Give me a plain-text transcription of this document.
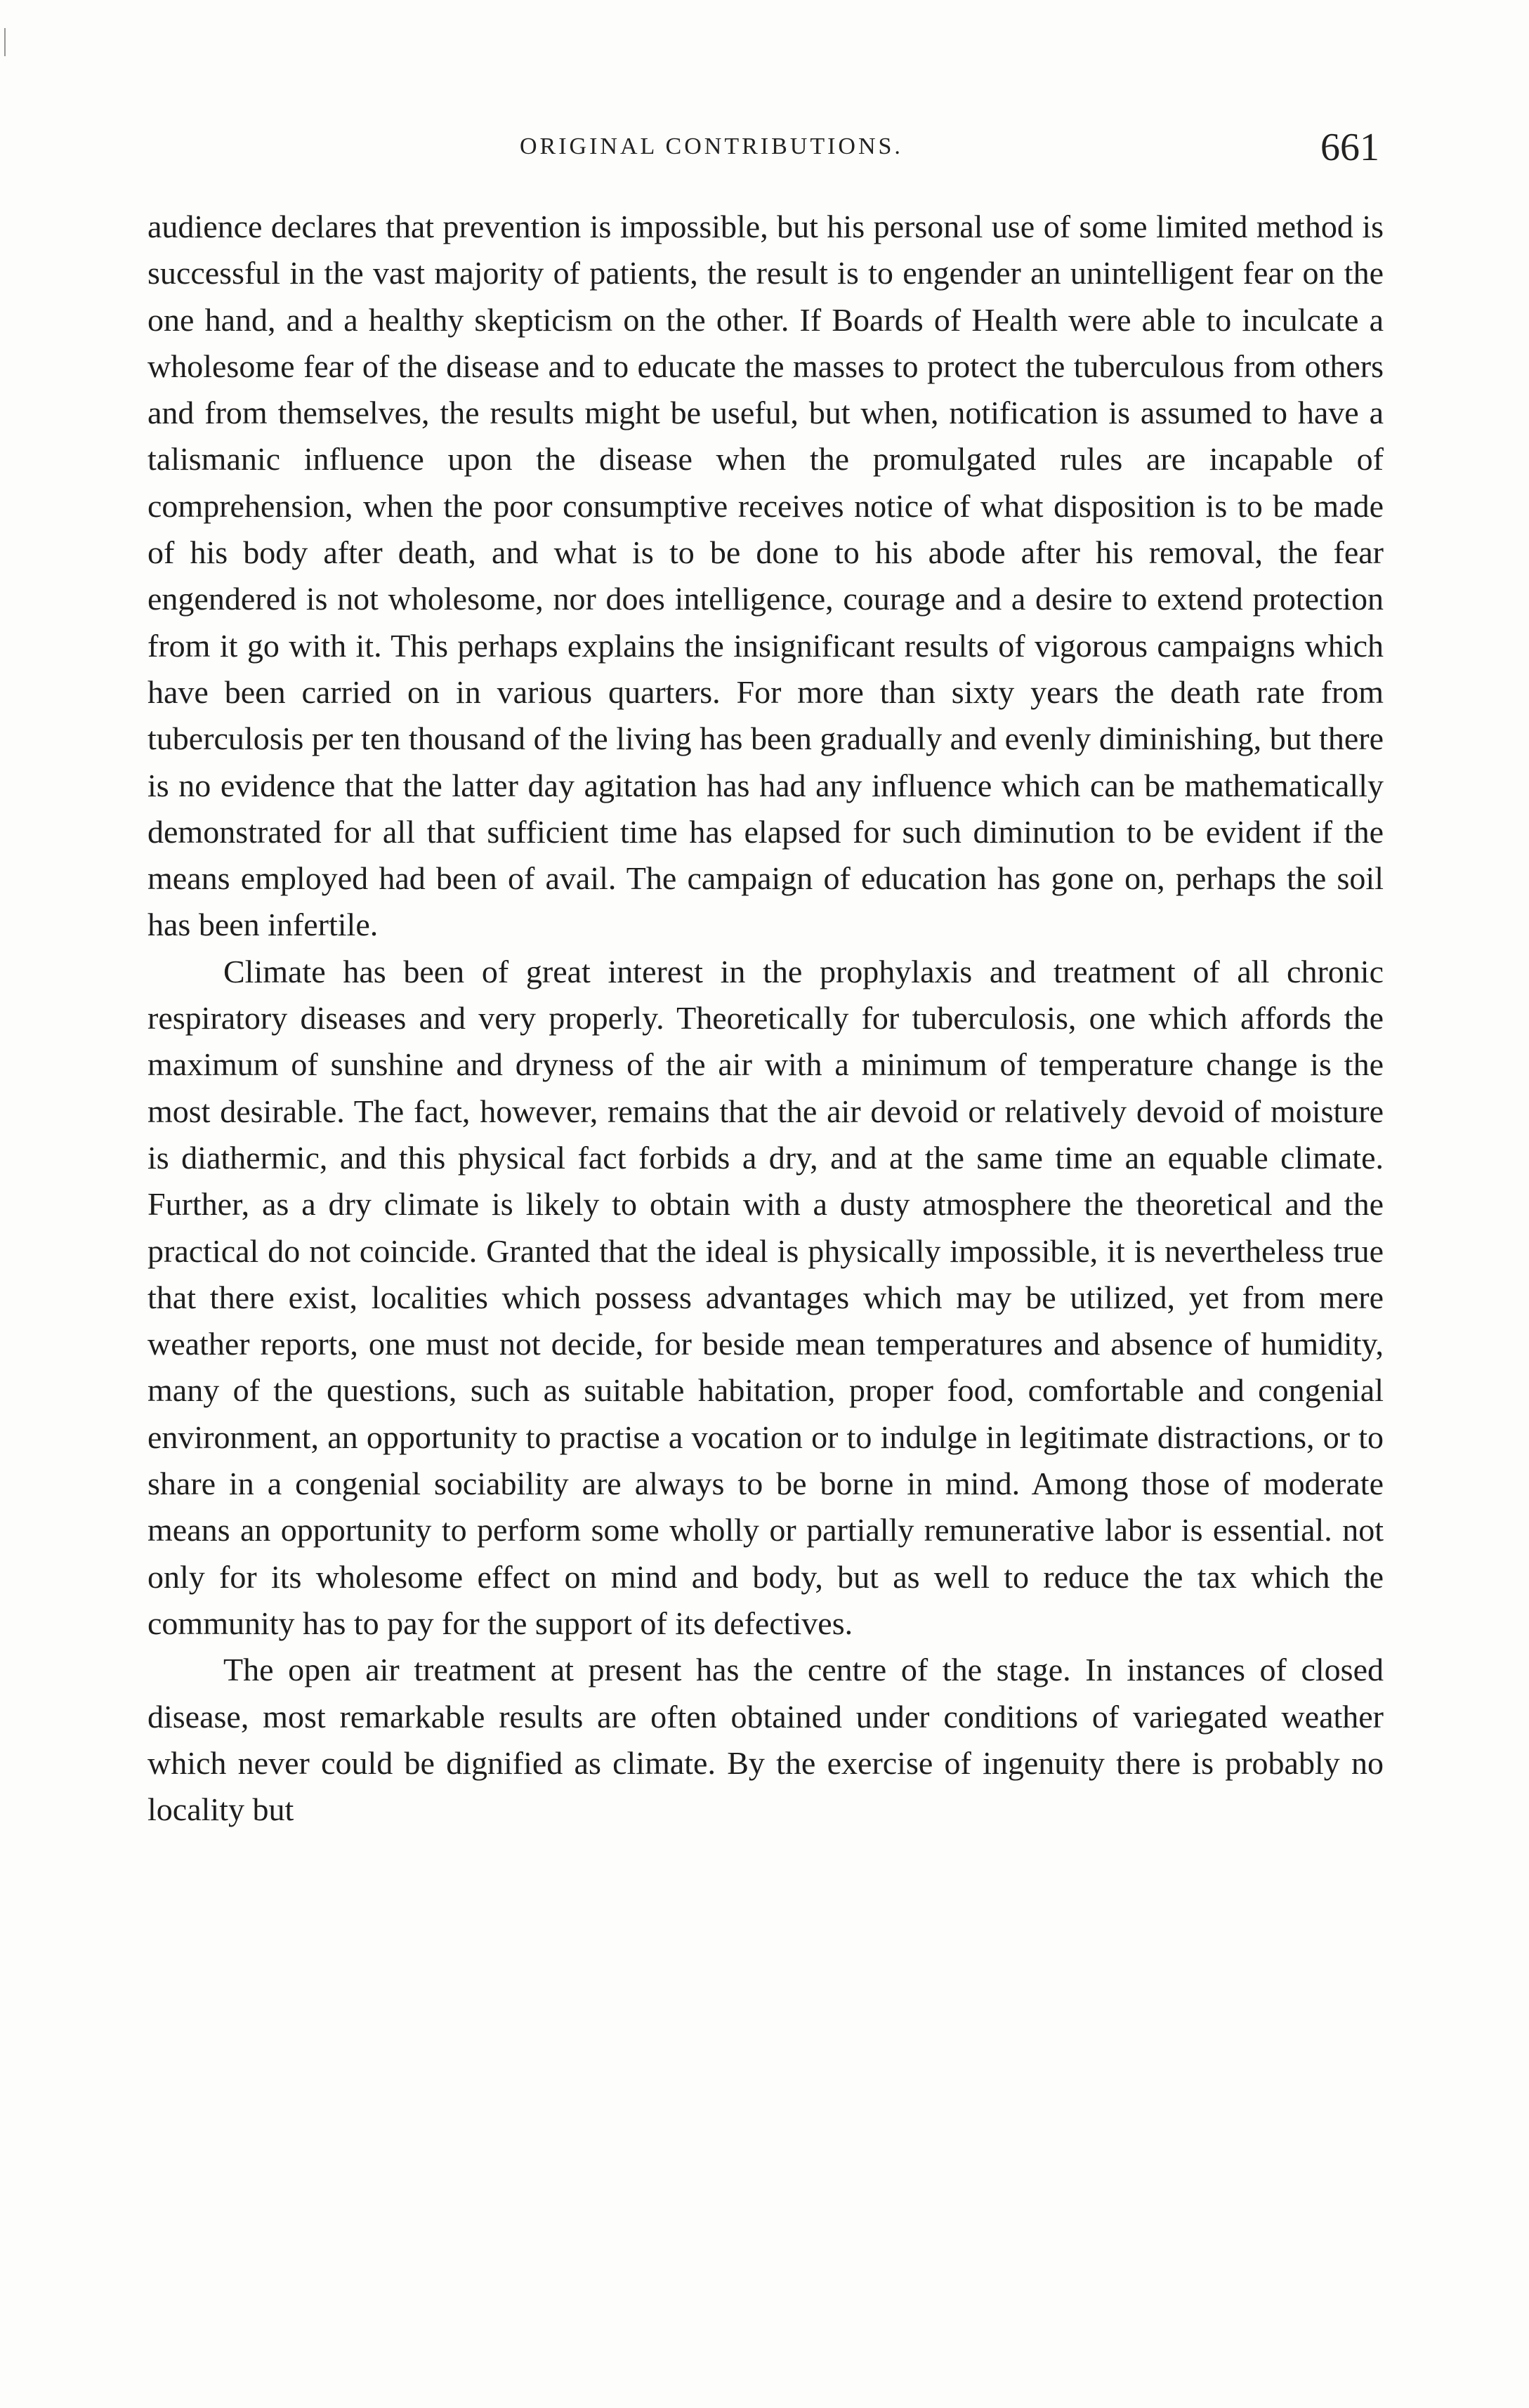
ORIGINAL CONTRIBUTIONS.	661

audience declares that prevention is impossible, but his personal use of some limited method is successful in the vast majority of patients, the result is to engender an unintelligent fear on the one hand, and a healthy skepticism on the other. If Boards of Health were able to inculcate a wholesome fear of the disease and to educate the masses to protect the tuberculous from others and from themselves, the results might be useful, but when, notification is assumed to have a talismanic influence upon the disease when the promulgated rules are incapable of comprehension, when the poor consumptive receives notice of what disposition is to be made of his body after death, and what is to be done to his abode after his removal, the fear engendered is not wholesome, nor does intelligence, courage and a desire to extend protection from it go with it. This perhaps explains the insignificant results of vigorous campaigns which have been carried on in various quarters. For more than sixty years the death rate from tuberculosis per ten thousand of the living has been gradually and evenly diminishing, but there is no evidence that the latter day agitation has had any influence which can be mathematically demonstrated for all that sufficient time has elapsed for such diminution to be evident if the means employed had been of avail. The campaign of education has gone on, perhaps the soil has been infertile.

Climate has been of great interest in the prophylaxis and treatment of all chronic respiratory diseases and very properly. Theoretically for tuberculosis, one which affords the maximum of sunshine and dryness of the air with a minimum of temperature change is the most desirable. The fact, however, remains that the air devoid or relatively devoid of moisture is diathermic, and this physical fact forbids a dry, and at the same time an equable climate. Further, as a dry climate is likely to obtain with a dusty atmosphere the theoretical and the practical do not coincide. Granted that the ideal is physically impossible, it is nevertheless true that there exist, localities which possess advantages which may be utilized, yet from mere weather reports, one must not decide, for beside mean temperatures and absence of humidity, many of the questions, such as suitable habitation, proper food, comfortable and congenial environment, an opportunity to practise a vocation or to indulge in legitimate distractions, or to share in a congenial sociability are always to be borne in mind. Among those of moderate means an opportunity to perform some wholly or partially remunerative labor is essential. not only for its wholesome effect on mind and body, but as well to reduce the tax which the community has to pay for the support of its defectives.

The open air treatment at present has the centre of the stage. In instances of closed disease, most remarkable results are often obtained under conditions of variegated weather which never could be dignified as climate. By the exercise of ingenuity there is probably no locality but
